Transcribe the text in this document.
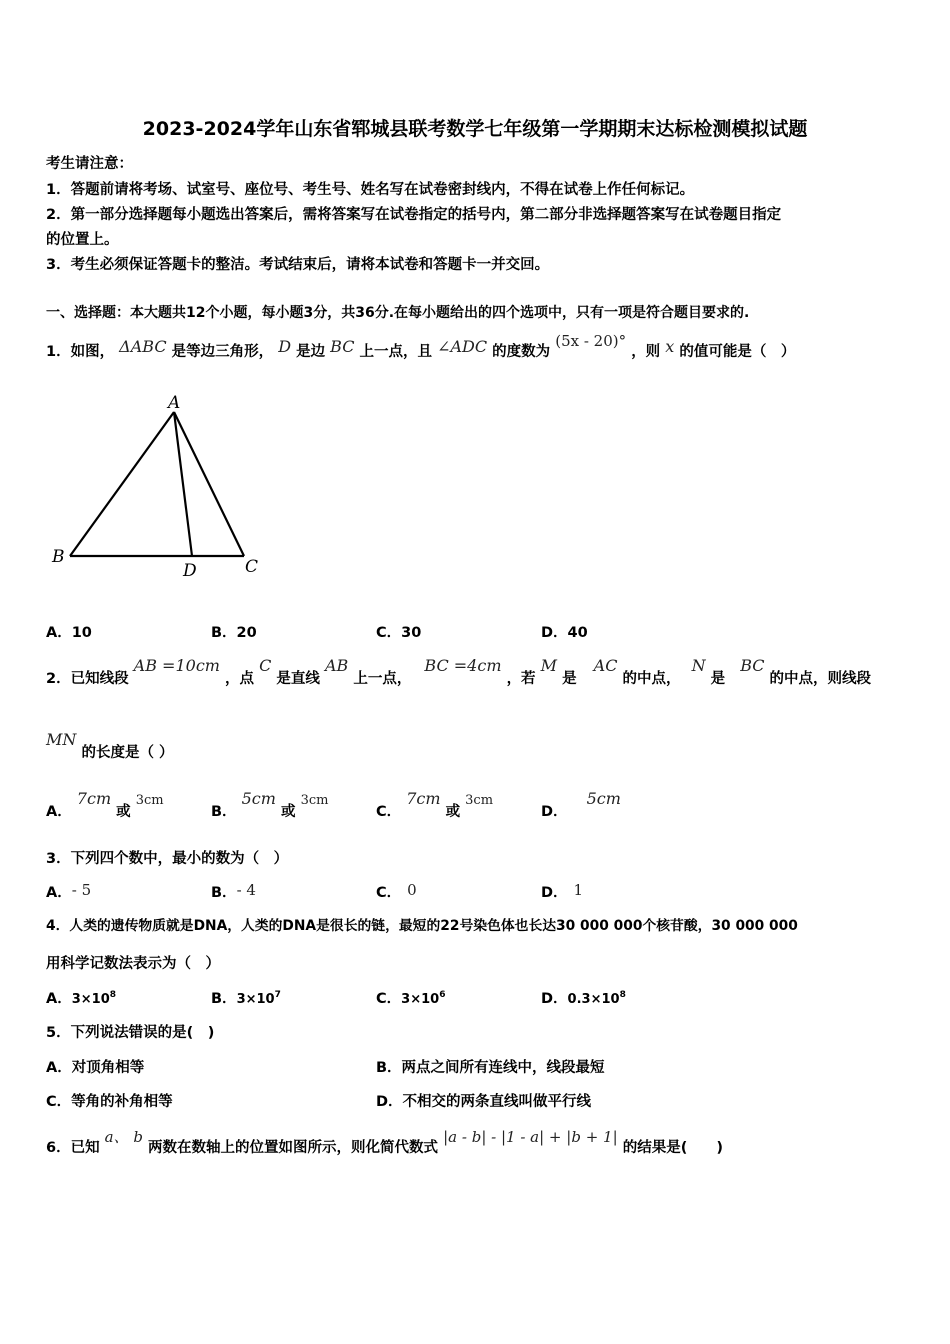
2023-2024学年山东省郓城县联考数学七年级第一学期期末达标检测模拟试题
考生请注意：
1．答题前请将考场、试室号、座位号、考生号、姓名写在试卷密封线内，不得在试卷上作任何标记。
2．第一部分选择题每小题选出答案后，需将答案写在试卷指定的括号内，第二部分非选择题答案写在试卷题目指定
的位置上。
3．考生必须保证答题卡的整洁。考试结束后，请将本试卷和答题卡一并交回。
一、选择题：本大题共12个小题，每小题3分，共36分.在每小题给出的四个选项中，只有一项是符合题目要求的.
1．如图， ΔABC 是等边三角形， D 是边 BC 上一点，且 ∠ADC 的度数为 (5x - 20)° ，则 x 的值可能是（　）
A
B
D	C
A．10	B．20	C．30	D．40
2．已知线段 AB =10cm ，点 C 是直线 AB 上一点， BC =4cm ，若 M 是 AC 的中点， N 是 BC 的中点，则线段
MN 的长度是（ ）
A． 7cm 或 3cm
B． 5cm 或 3cm
C． 7cm 或 3cm
D． 5cm
3．下列四个数中，最小的数为（　）
A．- 5	B．- 4	C． 0	D． 1
4．人类的遗传物质就是DNA，人类的DNA是很长的链，最短的22号染色体也长达30 000 000个核苷酸，30 000 000
用科学记数法表示为（　）
A．$3\times 10^8$	B．$3\times 10^7$	C．$3\times 10^6$	D．$0.3\times 10^8$
5．下列说法错误的是(　)
A．对顶角相等	B．两点之间所有连线中，线段最短
C．等角的补角相等	D．不相交的两条直线叫做平行线
6．已知 a、 b 两数在数轴上的位置如图所示，则化简代数式 |a - b| - |1 - a| + |b + 1| 的结果是(　　)
